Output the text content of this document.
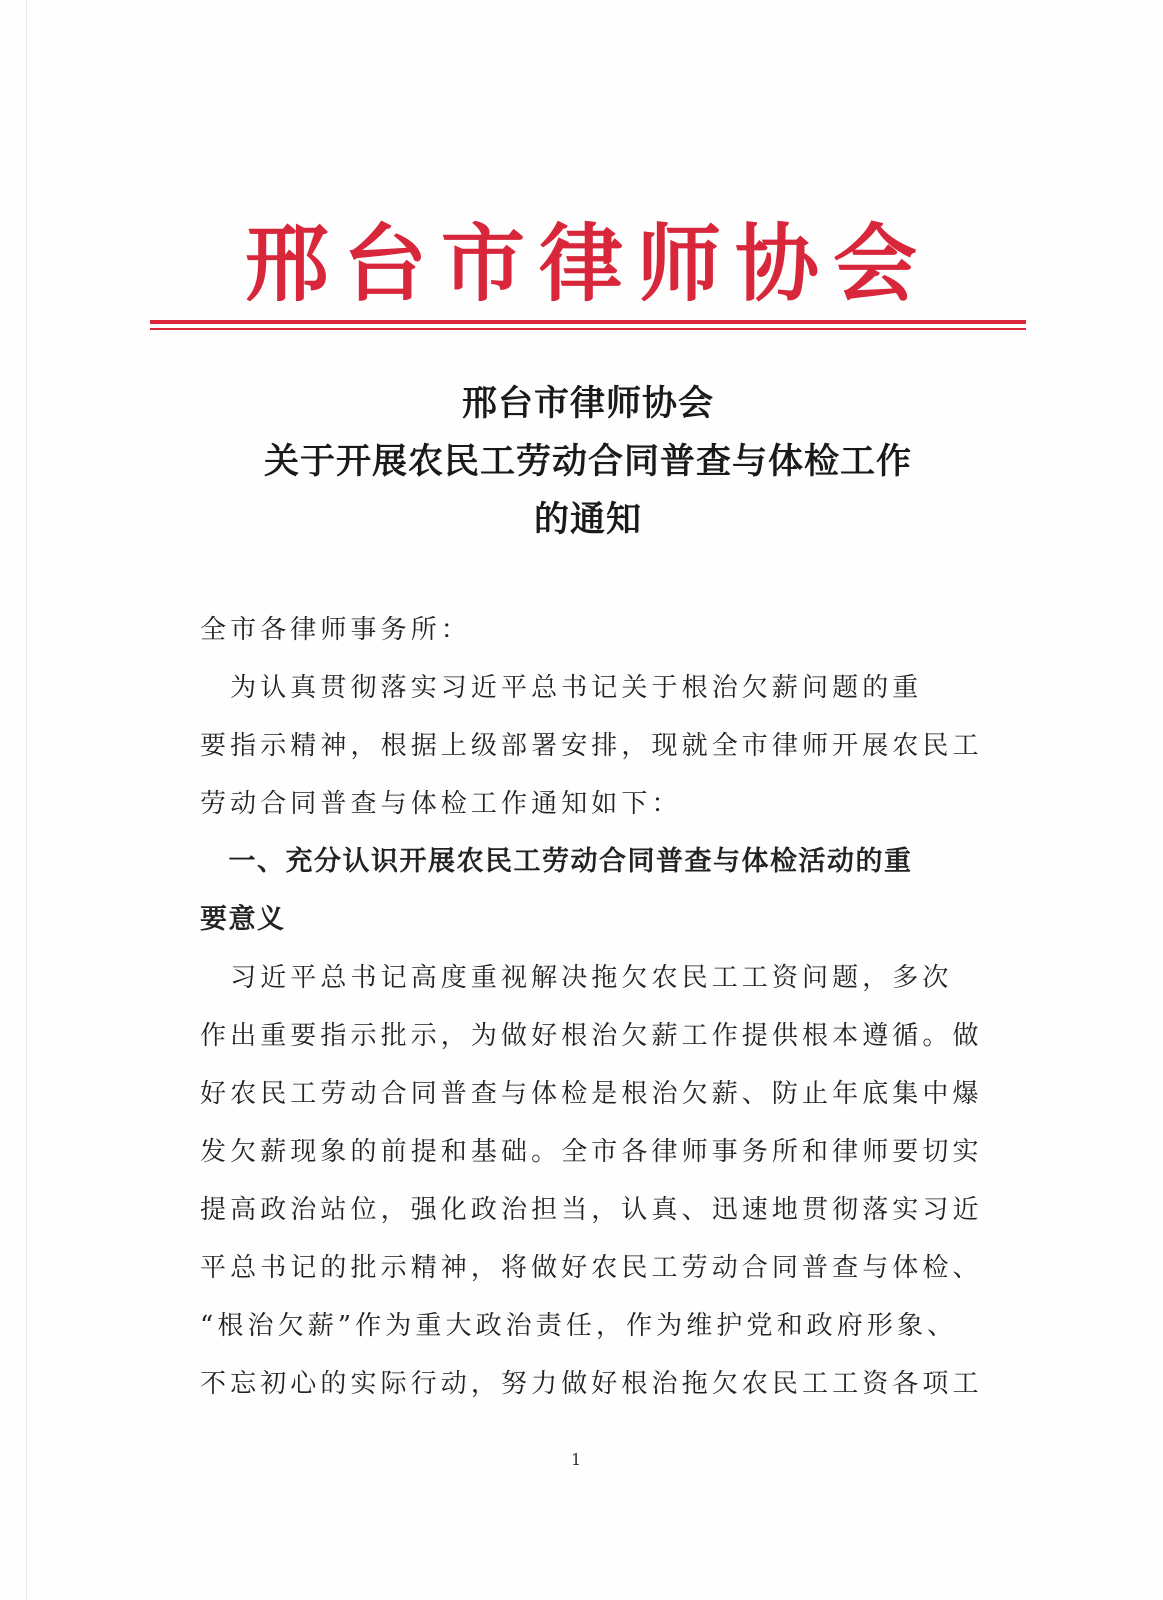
邢台市律师协会
邢台市律师协会
关于开展农民工劳动合同普查与体检工作
的通知
全市各律师事务所：
　为认真贯彻落实习近平总书记关于根治欠薪问题的重
要指示精神，根据上级部署安排，现就全市律师开展农民工
劳动合同普查与体检工作通知如下：
　一、充分认识开展农民工劳动合同普查与体检活动的重
要意义
　习近平总书记高度重视解决拖欠农民工工资问题，多次
作出重要指示批示，为做好根治欠薪工作提供根本遵循。做
好农民工劳动合同普查与体检是根治欠薪、防止年底集中爆
发欠薪现象的前提和基础。全市各律师事务所和律师要切实
提高政治站位，强化政治担当，认真、迅速地贯彻落实习近
平总书记的批示精神，将做好农民工劳动合同普查与体检、
“根治欠薪”作为重大政治责任，作为维护党和政府形象、
不忘初心的实际行动，努力做好根治拖欠农民工工资各项工
1
